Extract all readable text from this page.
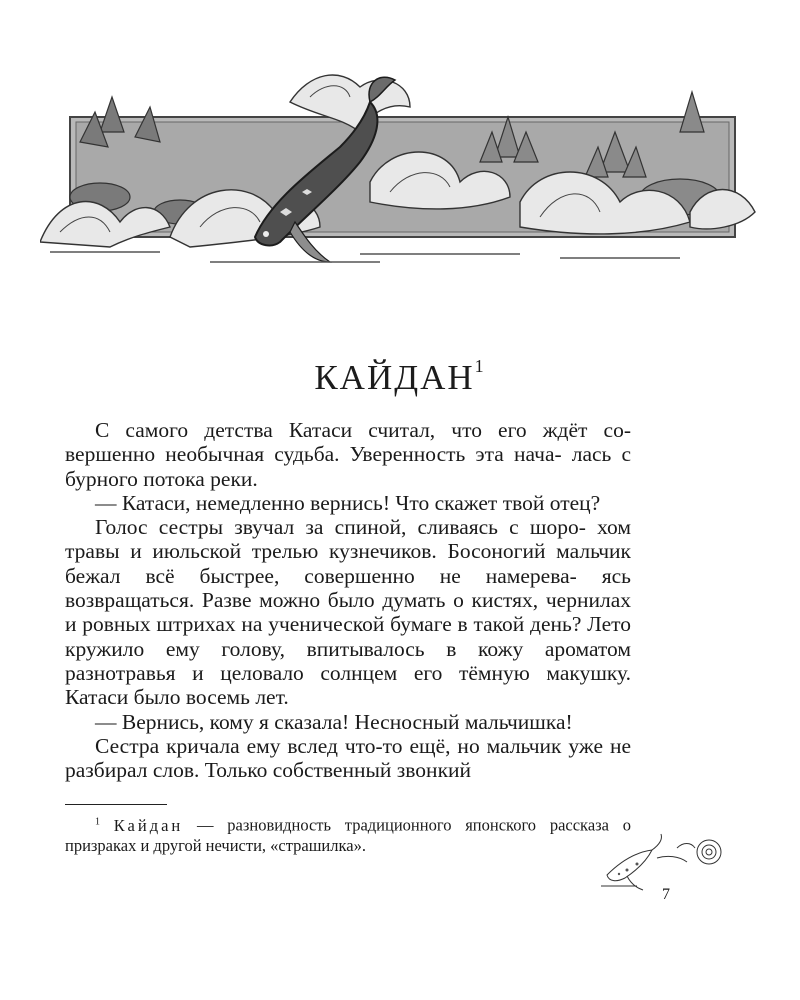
КАЙДАН$^1$

С самого детства Катаси считал, что его ждёт со- вершенно необычная судьба. Уверенность эта нача- лась с бурного потока реки.

— Катаси, немедленно вернись! Что скажет твой отец?

Голос сестры звучал за спиной, сливаясь с шоро- хом травы и июльской трелью кузнечиков. Босоногий мальчик бежал всё быстрее, совершенно не намерева- ясь возвращаться. Разве можно было думать о кистях, чернилах и ровных штрихах на ученической бумаге в такой день? Лето кружило ему голову, впитывалось в кожу ароматом разнотравья и целовало солнцем его тёмную макушку. Катаси было восемь лет.

— Вернись, кому я сказала! Несносный мальчишка!

Сестра кричала ему вслед что-то ещё, но мальчик уже не разбирал слов. Только собственный звонкий

$^1$ Кайдан — разновидность традиционного японского рассказа о призраках и другой нечисти, «страшилка».
7
